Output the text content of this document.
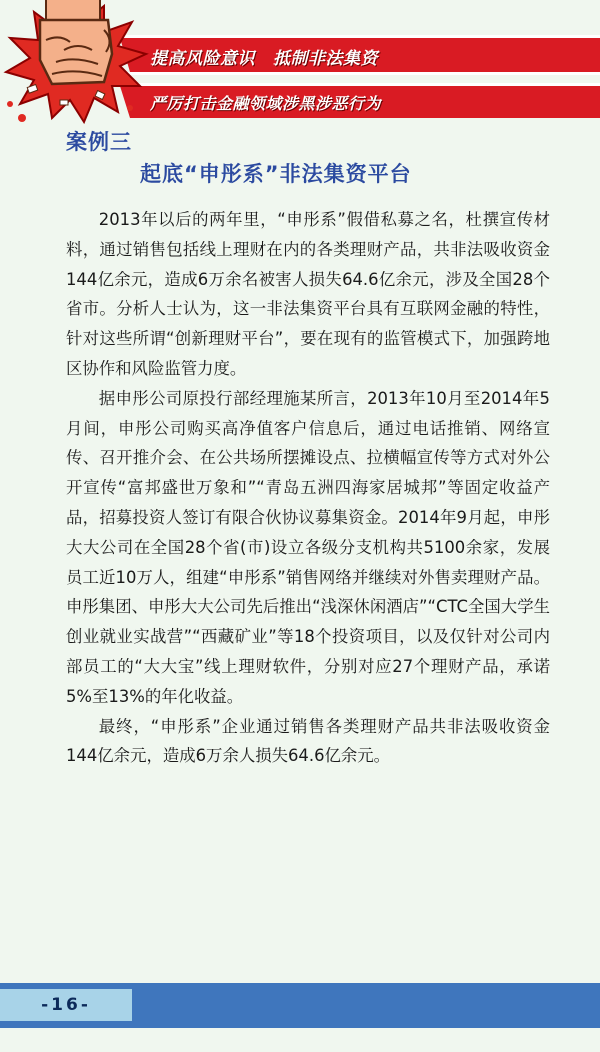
提高风险意识 抵制非法集资
严厉打击金融领域涉黑涉恶行为
案例三
起底“申彤系”非法集资平台

2013年以后的两年里，“申彤系”假借私募之名，杜撰宣传材料，通过销售包括线上理财在内的各类理财产品，共非法吸收资金144亿余元，造成6万余名被害人损失64.6亿余元，涉及全国28个省市。分析人士认为，这一非法集资平台具有互联网金融的特性，针对这些所谓“创新理财平台”，要在现有的监管模式下，加强跨地区协作和风险监管力度。

据申彤公司原投行部经理施某所言，2013年10月至2014年5月间，申彤公司购买高净值客户信息后，通过电话推销、网络宣传、召开推介会、在公共场所摆摊设点、拉横幅宣传等方式对外公开宣传“富邦盛世万象和”“青岛五洲四海家居城邦”等固定收益产品，招募投资人签订有限合伙协议募集资金。2014年9月起，申彤大大公司在全国28个省(市)设立各级分支机构共5100余家，发展员工近10万人，组建“申彤系”销售网络并继续对外售卖理财产品。申彤集团、申彤大大公司先后推出“浅深休闲酒店”“CTC全国大学生创业就业实战营”“西藏矿业”等18个投资项目，以及仅针对公司内部员工的“大大宝”线上理财软件，分别对应27个理财产品，承诺5%至13%的年化收益。

最终，“申彤系”企业通过销售各类理财产品共非法吸收资金144亿余元，造成6万余人损失64.6亿余元。

-16-
